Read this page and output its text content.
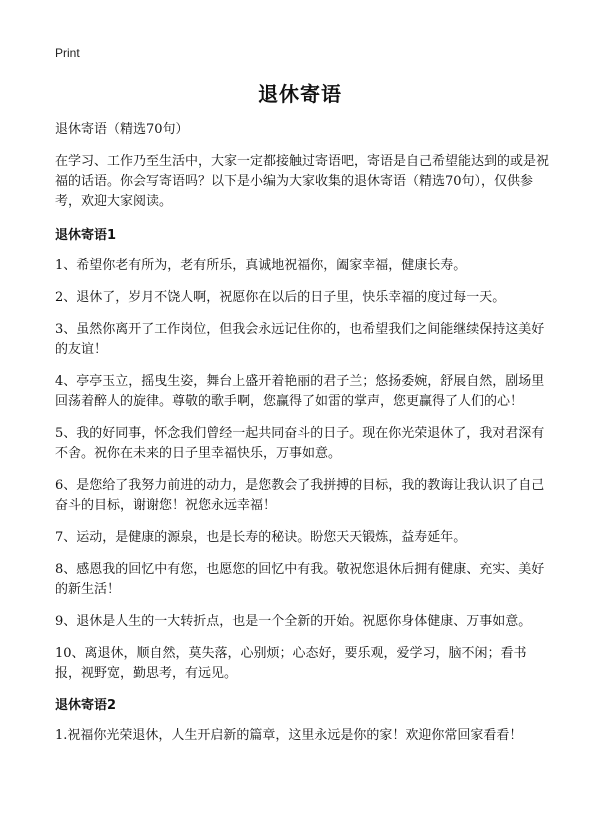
Print
退休寄语

退休寄语（精选70句）

在学习、工作乃至生活中，大家一定都接触过寄语吧，寄语是自己希望能达到的或是祝福的话语。你会写寄语吗？以下是小编为大家收集的退休寄语（精选70句），仅供参考，欢迎大家阅读。

退休寄语1

1、希望你老有所为，老有所乐，真诚地祝福你，阖家幸福，健康长寿。

2、退休了，岁月不饶人啊，祝愿你在以后的日子里，快乐幸福的度过每一天。

3、虽然你离开了工作岗位，但我会永远记住你的，也希望我们之间能继续保持这美好的友谊！

4、亭亭玉立，摇曳生姿，舞台上盛开着艳丽的君子兰；悠扬委婉，舒展自然，剧场里回荡着醉人的旋律。尊敬的歌手啊，您赢得了如雷的掌声，您更赢得了人们的心！

5、我的好同事，怀念我们曾经一起共同奋斗的日子。现在你光荣退休了，我对君深有不舍。祝你在未来的日子里幸福快乐，万事如意。

6、是您给了我努力前进的动力，是您教会了我拼搏的目标，我的教诲让我认识了自己奋斗的目标，谢谢您！祝您永远幸福！

7、运动，是健康的源泉，也是长寿的秘诀。盼您天天锻炼，益寿延年。

8、感恩我的回忆中有您，也愿您的回忆中有我。敬祝您退休后拥有健康、充实、美好的新生活！

9、退休是人生的一大转折点，也是一个全新的开始。祝愿你身体健康、万事如意。

10、离退休，顺自然，莫失落，心别烦；心态好，要乐观，爱学习，脑不闲；看书报，视野宽，勤思考，有远见。

退休寄语2

1.祝福你光荣退休，人生开启新的篇章，这里永远是你的家！欢迎你常回家看看！
